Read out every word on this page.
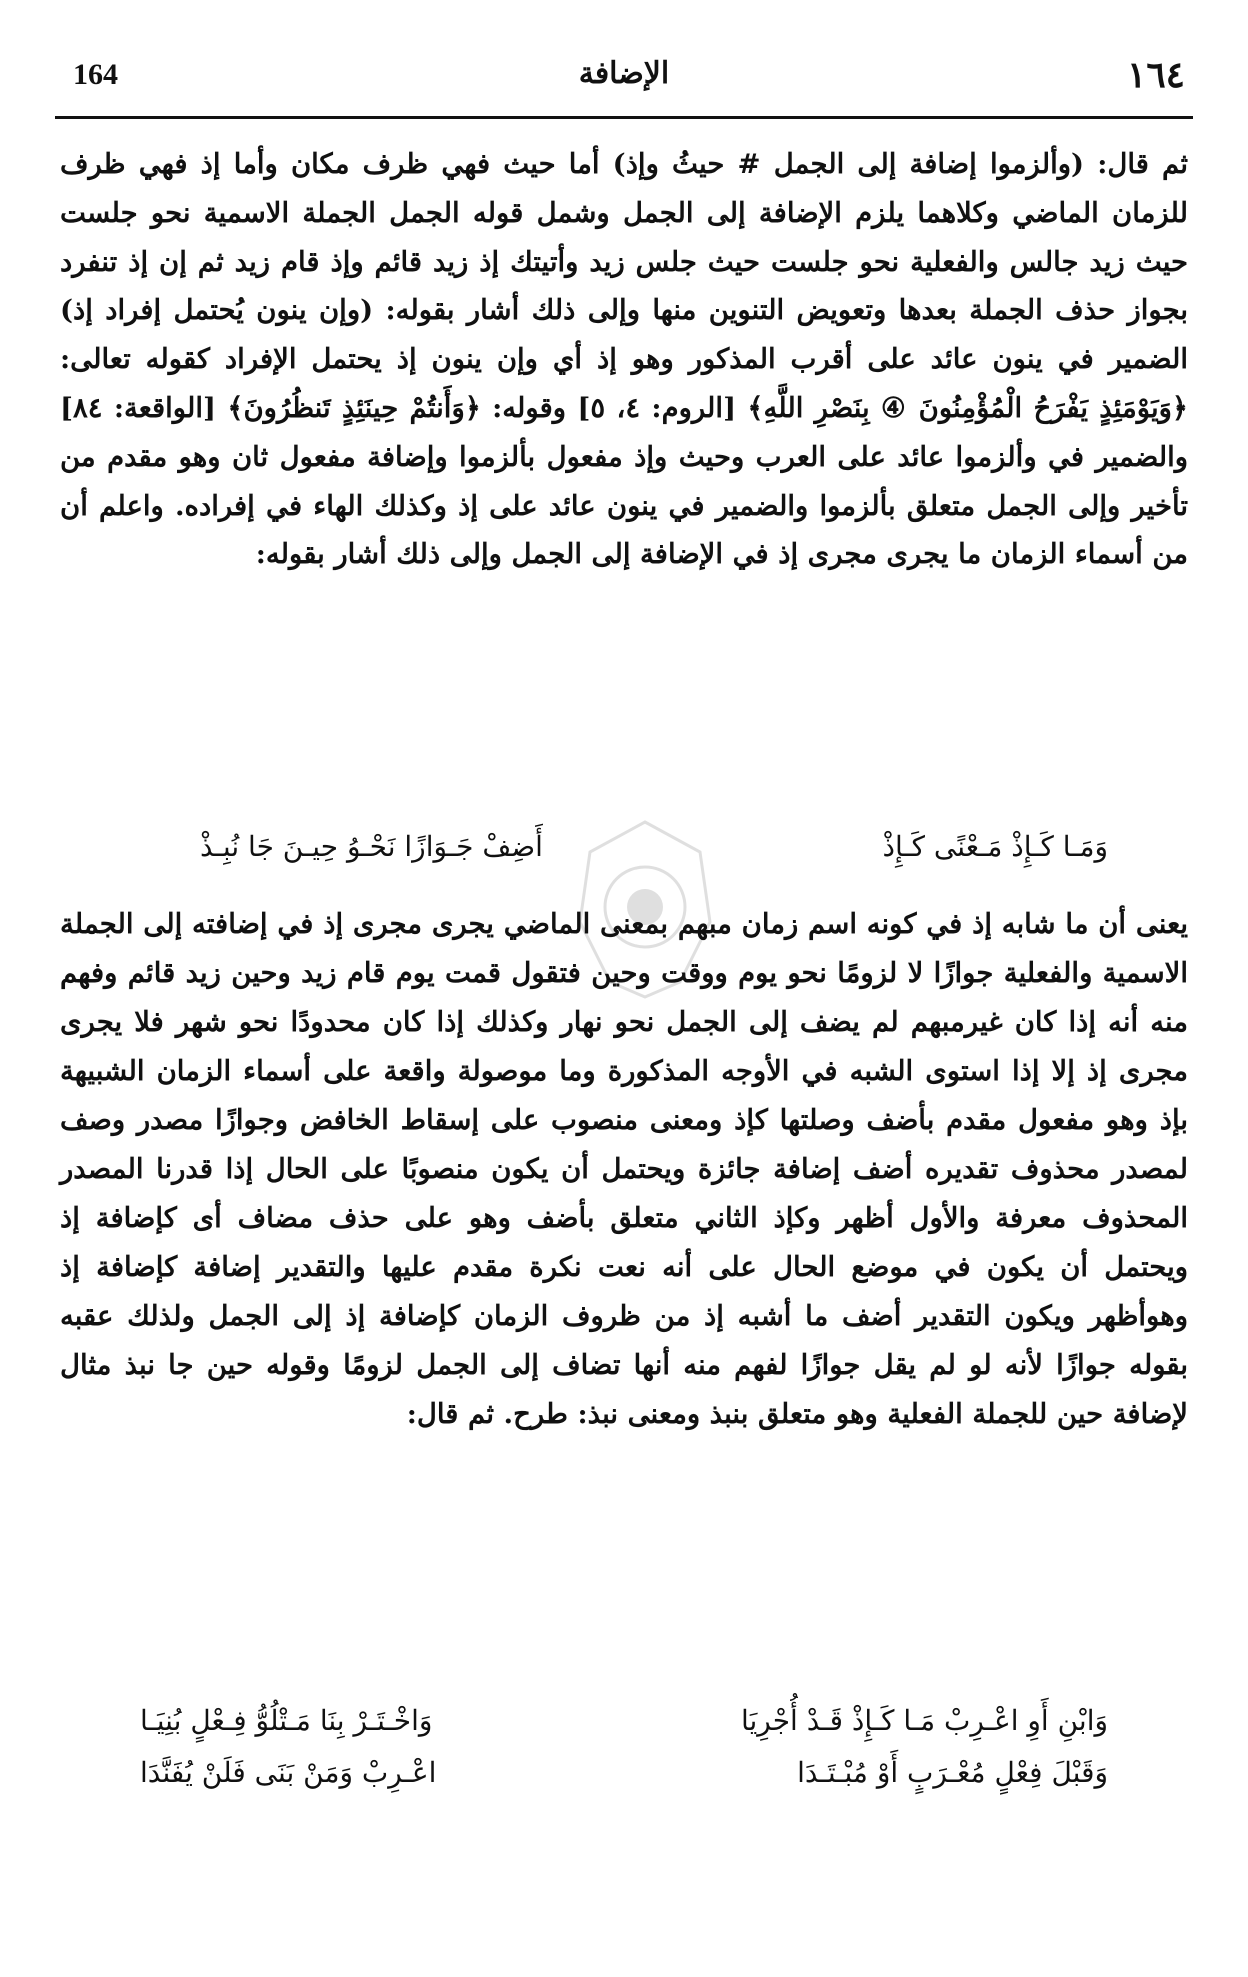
164	الإضافة	١٦٤

ثم قال: (وألزموا إضافة إلى الجمل # حيثُ وإذ) أما حيث فهي ظرف مكان وأما إذ فهي ظرف للزمان الماضي وكلاهما يلزم الإضافة إلى الجمل وشمل قوله الجمل الجملة الاسمية نحو جلست حيث زيد جالس والفعلية نحو جلست حيث جلس زيد وأتيتك إذ زيد قائم وإذ قام زيد ثم إن إذ تنفرد بجواز حذف الجملة بعدها وتعويض التنوين منها وإلى ذلك أشار بقوله: (وإن ينون يُحتمل إفراد إذ) الضمير في ينون عائد على أقرب المذكور وهو إذ أي وإن ينون إذ يحتمل الإفراد كقوله تعالى: ﴿وَيَوْمَئِذٍ يَفْرَحُ الْمُؤْمِنُونَ ④ بِنَصْرِ اللَّهِ﴾ [الروم: ٤، ٥] وقوله: ﴿وَأَنتُمْ حِينَئِذٍ تَنظُرُونَ﴾ [الواقعة: ٨٤] والضمير في وألزموا عائد على العرب وحيث وإذ مفعول بألزموا وإضافة مفعول ثان وهو مقدم من تأخير وإلى الجمل متعلق بألزموا والضمير في ينون عائد على إذ وكذلك الهاء في إفراده. واعلم أن من أسماء الزمان ما يجرى مجرى إذ في الإضافة إلى الجمل وإلى ذلك أشار بقوله:

وَمَـا كَـإِذْ مَـعْنًى كَـإِذْ
أَضِفْ جَـوَازًا نَحْـوُ حِيـنَ جَا نُبِـذْ

يعنى أن ما شابه إذ في كونه اسم زمان مبهم بمعنى الماضي يجرى مجرى إذ في إضافته إلى الجملة الاسمية والفعلية جوازًا لا لزومًا نحو يوم ووقت وحين فتقول قمت يوم قام زيد وحين زيد قائم وفهم منه أنه إذا كان غيرمبهم لم يضف إلى الجمل نحو نهار وكذلك إذا كان محدودًا نحو شهر فلا يجرى مجرى إذ إلا إذا استوى الشبه في الأوجه المذكورة وما موصولة واقعة على أسماء الزمان الشبيهة بإذ وهو مفعول مقدم بأضف وصلتها كإذ ومعنى منصوب على إسقاط الخافض وجوازًا مصدر وصف لمصدر محذوف تقديره أضف إضافة جائزة ويحتمل أن يكون منصوبًا على الحال إذا قدرنا المصدر المحذوف معرفة والأول أظهر وكإذ الثاني متعلق بأضف وهو على حذف مضاف أى كإضافة إذ ويحتمل أن يكون في موضع الحال على أنه نعت نكرة مقدم عليها والتقدير إضافة كإضافة إذ وهوأظهر ويكون التقدير أضف ما أشبه إذ من ظروف الزمان كإضافة إذ إلى الجمل ولذلك عقبه بقوله جوازًا لأنه لو لم يقل جوازًا لفهم منه أنها تضاف إلى الجمل لزومًا وقوله حين جا نبذ مثال لإضافة حين للجملة الفعلية وهو متعلق بنبذ ومعنى نبذ: طرح. ثم قال:

وَابْنِ أَوِ اعْـرِبْ مَـا كَـإِذْ قَـدْ أُجْرِيَا
وَاخْـتَـرْ بِنَا مَـتْلُوُّ فِـعْلٍ بُنِيَـا
وَقَبْلَ فِعْلٍ مُعْـرَبٍ أَوْ مُبْـتَـدَا
اعْـرِبْ وَمَنْ بَنَى فَلَنْ يُفَنَّدَا
